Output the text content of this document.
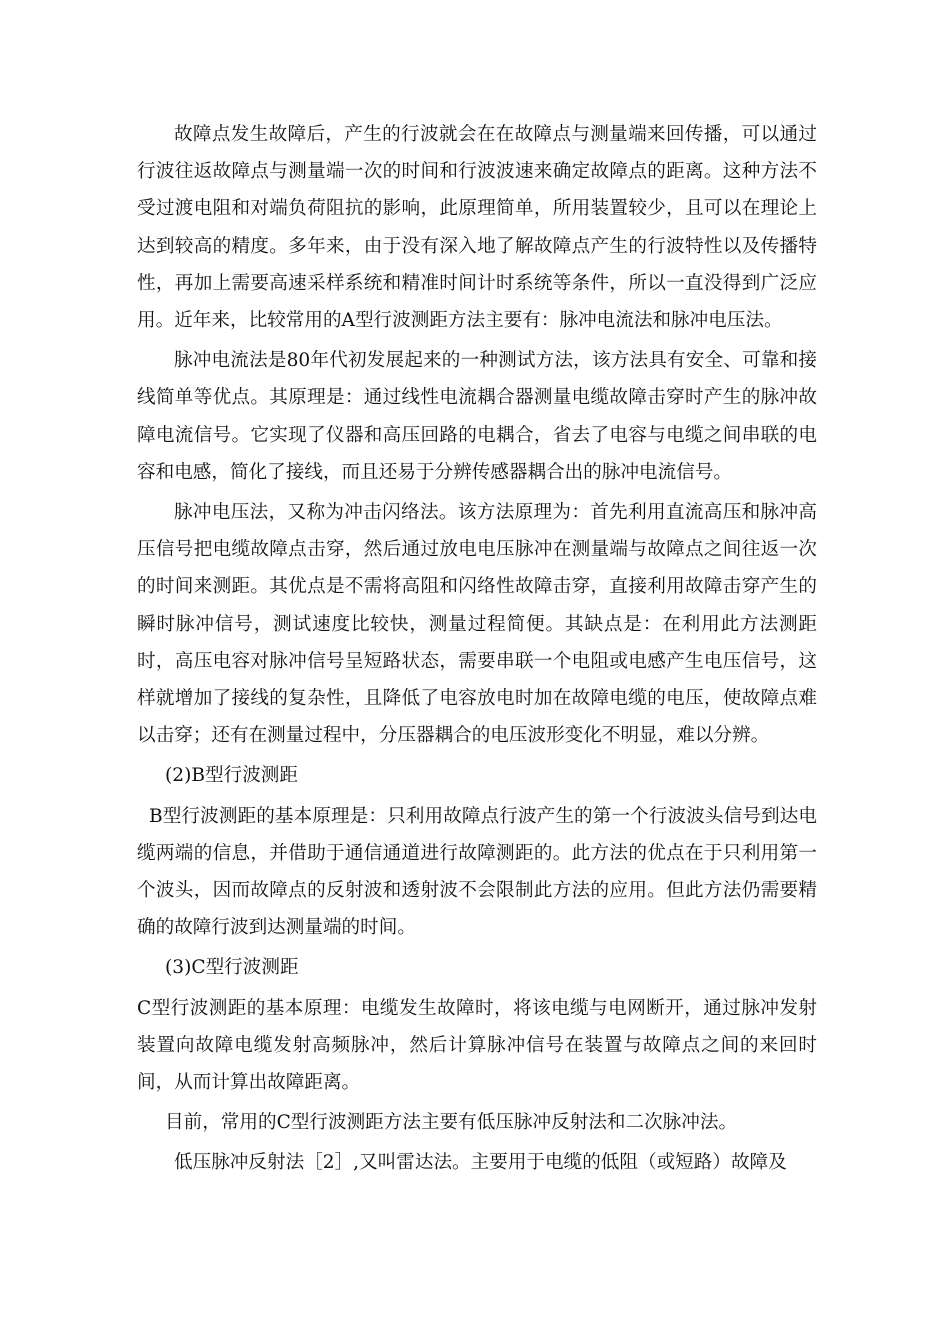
故障点发生故障后，产生的行波就会在在故障点与测量端来回传播，可以通过行波往返故障点与测量端一次的时间和行波波速来确定故障点的距离。这种方法不受过渡电阻和对端负荷阻抗的影响，此原理简单，所用装置较少，且可以在理论上达到较高的精度。多年来，由于没有深入地了解故障点产生的行波特性以及传播特性，再加上需要高速采样系统和精准时间计时系统等条件，所以一直没得到广泛应用。近年来，比较常用的A型行波测距方法主要有：脉冲电流法和脉冲电压法。

脉冲电流法是80年代初发展起来的一种测试方法，该方法具有安全、可靠和接线简单等优点。其原理是：通过线性电流耦合器测量电缆故障击穿时产生的脉冲故障电流信号。它实现了仪器和高压回路的电耦合，省去了电容与电缆之间串联的电容和电感，简化了接线，而且还易于分辨传感器耦合出的脉冲电流信号。

脉冲电压法，又称为冲击闪络法。该方法原理为：首先利用直流高压和脉冲高压信号把电缆故障点击穿，然后通过放电电压脉冲在测量端与故障点之间往返一次的时间来测距。其优点是不需将高阻和闪络性故障击穿，直接利用故障击穿产生的瞬时脉冲信号，测试速度比较快，测量过程简便。其缺点是：在利用此方法测距时，高压电容对脉冲信号呈短路状态，需要串联一个电阻或电感产生电压信号，这样就增加了接线的复杂性，且降低了电容放电时加在故障电缆的电压，使故障点难以击穿；还有在测量过程中，分压器耦合的电压波形变化不明显，难以分辨。

(2)B型行波测距

B型行波测距的基本原理是：只利用故障点行波产生的第一个行波波头信号到达电缆两端的信息，并借助于通信通道进行故障测距的。此方法的优点在于只利用第一个波头，因而故障点的反射波和透射波不会限制此方法的应用。但此方法仍需要精确的故障行波到达测量端的时间。

(3)C型行波测距

C型行波测距的基本原理：电缆发生故障时，将该电缆与电网断开，通过脉冲发射装置向故障电缆发射高频脉冲，然后计算脉冲信号在装置与故障点之间的来回时间，从而计算出故障距离。

目前，常用的C型行波测距方法主要有低压脉冲反射法和二次脉冲法。

低压脉冲反射法［2］,又叫雷达法。主要用于电缆的低阻（或短路）故障及
